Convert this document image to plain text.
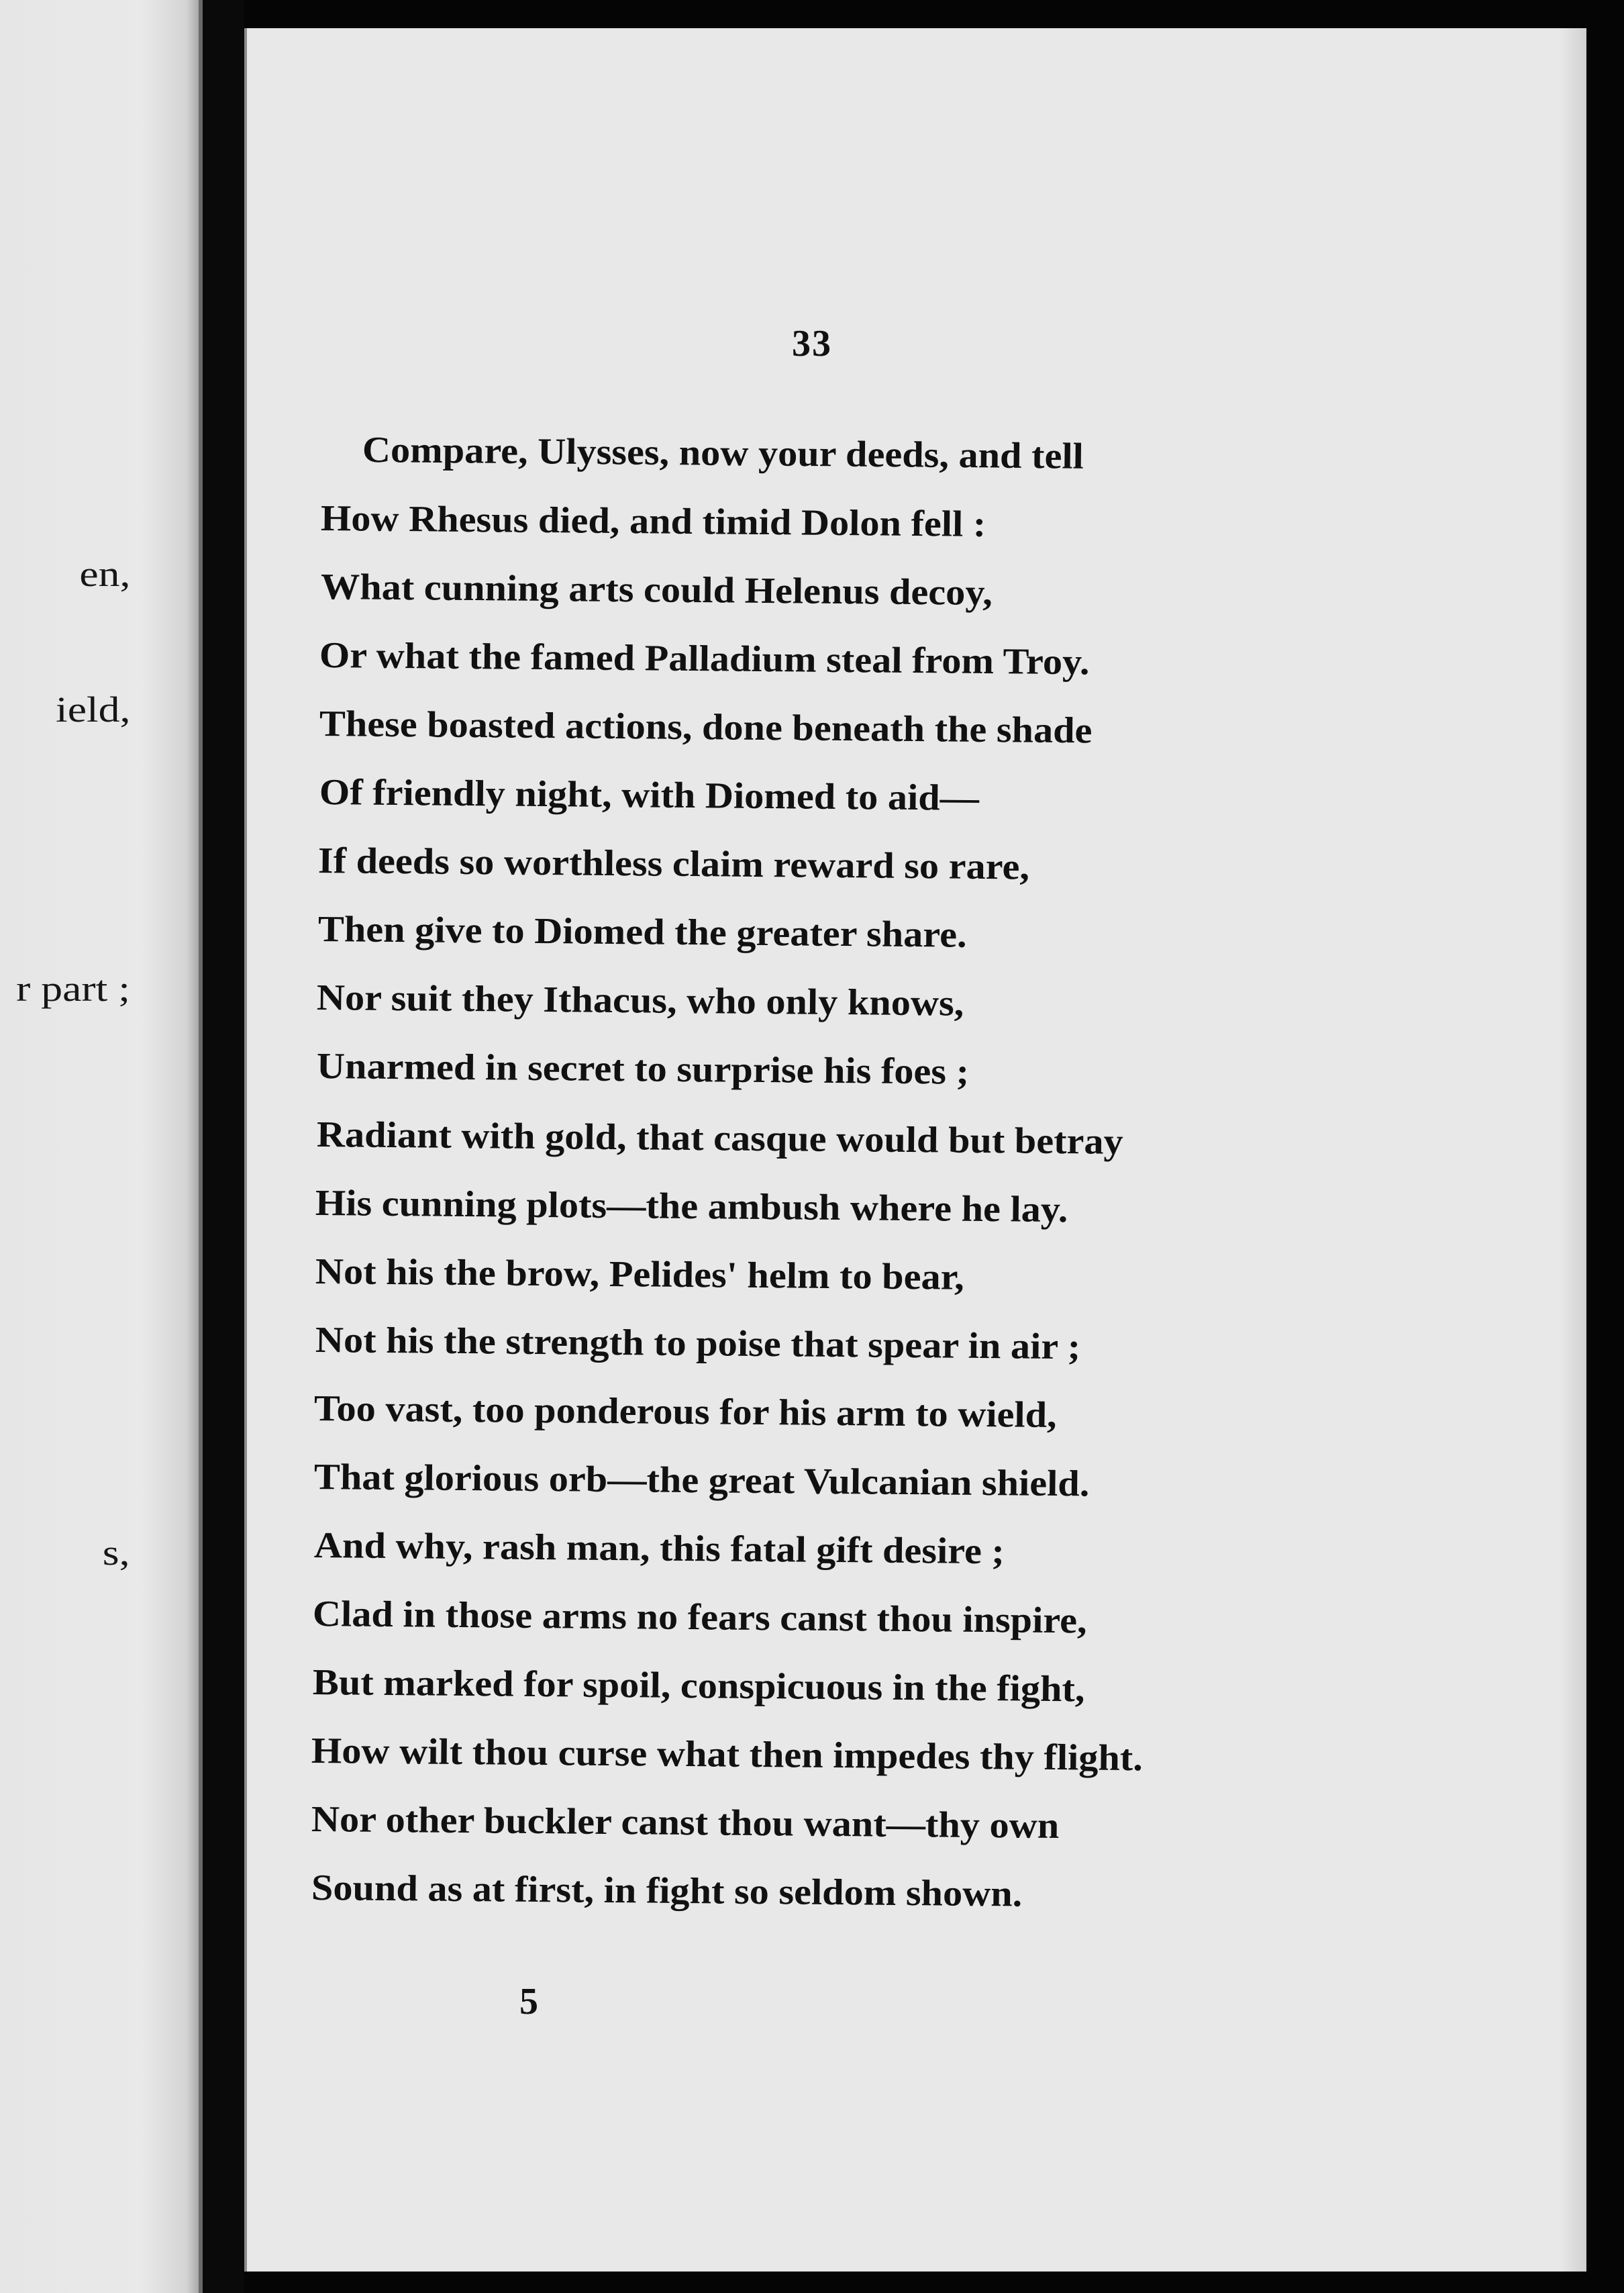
en,
ield,
r part ;
s,

33

Compare, Ulysses, now your deeds, and tell
How Rhesus died, and timid Dolon fell :
What cunning arts could Helenus decoy,
Or what the famed Palladium steal from Troy.
These boasted actions, done beneath the shade
Of friendly night, with Diomed to aid—
If deeds so worthless claim reward so rare,
Then give to Diomed the greater share.
Nor suit they Ithacus, who only knows,
Unarmed in secret to surprise his foes ;
Radiant with gold, that casque would but betray
His cunning plots—the ambush where he lay.
Not his the brow, Pelides' helm to bear,
Not his the strength to poise that spear in air ;
Too vast, too ponderous for his arm to wield,
That glorious orb—the great Vulcanian shield.
And why, rash man, this fatal gift desire ;
Clad in those arms no fears canst thou inspire,
But marked for spoil, conspicuous in the fight,
How wilt thou curse what then impedes thy flight.
Nor other buckler canst thou want—thy own
Sound as at first, in fight so seldom shown.

5
